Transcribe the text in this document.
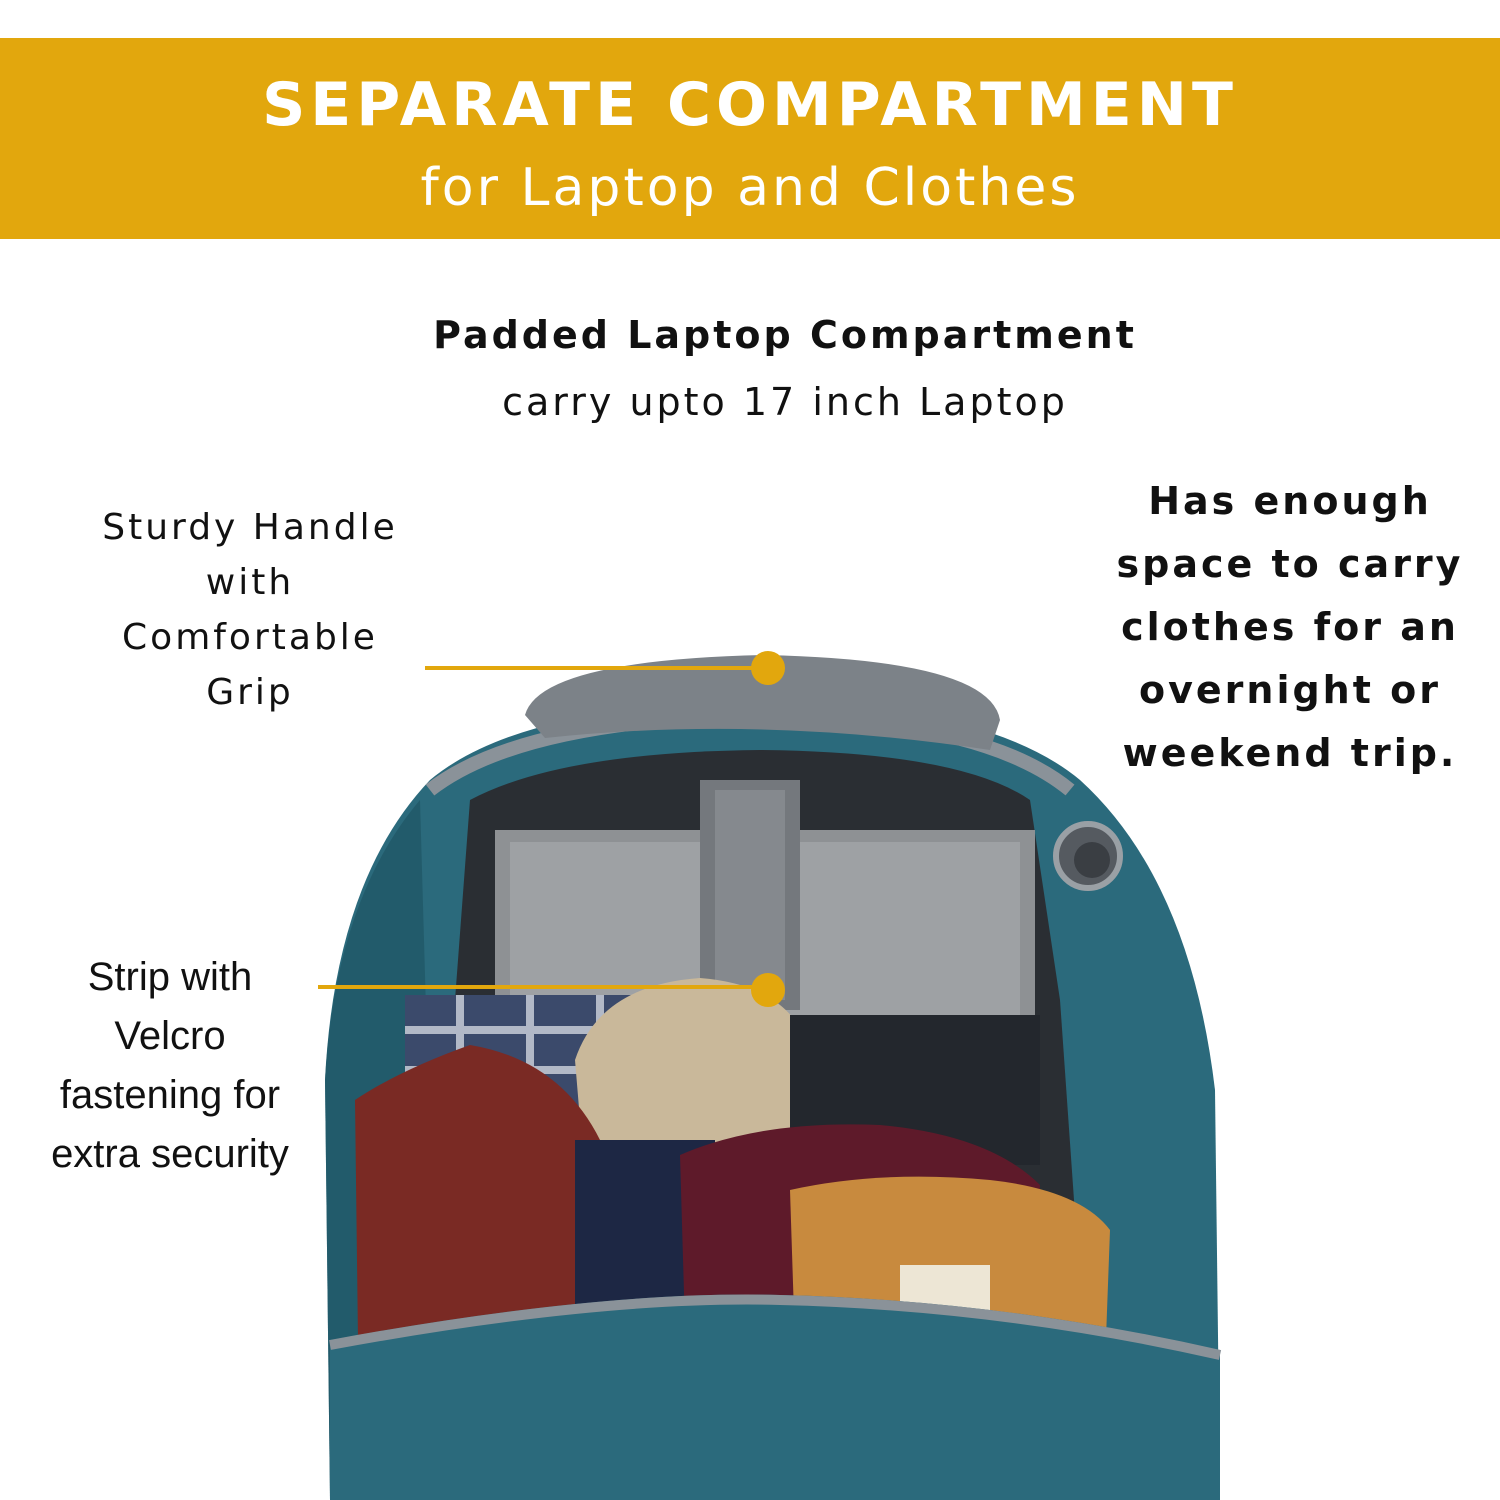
SEPARATE COMPARTMENT
for Laptop and Clothes
Padded Laptop Compartment
carry upto 17 inch Laptop
Sturdy Handle
with
Comfortable
Grip
Has enough
space to carry
clothes for an
overnight or
weekend trip.
Strip with
Velcro
fastening for
extra security
